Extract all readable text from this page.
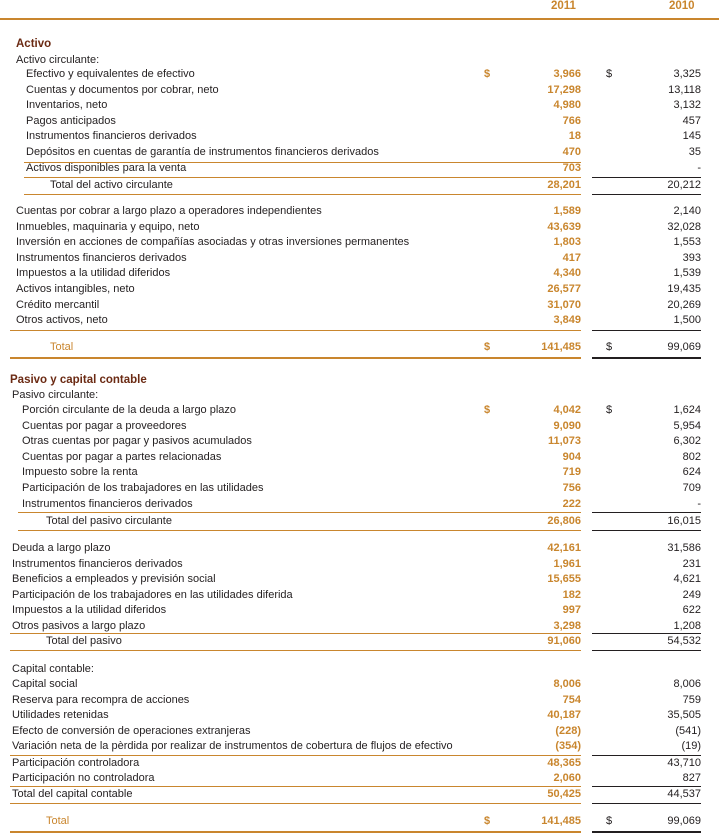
2011	2010
Activo
Activo circulante:
Efectivo y equivalentes de efectivo	$	3,966 $	3,325
Cuentas y documentos por cobrar, neto	17,298	13,118
Inventarios, neto	4,980	3,132
Pagos anticipados	766	457
Instrumentos financieros derivados	18	145
Depósitos en cuentas de garantía de instrumentos financieros derivados	470	35
Activos disponibles para la venta	703	-
Total del activo circulante	28,201	20,212
Cuentas por cobrar a largo plazo a operadores independientes	1,589	2,140
Inmuebles, maquinaria y equipo, neto	43,639	32,028
Inversión en acciones de compañías asociadas y otras inversiones permanentes	1,803	1,553
Instrumentos financieros derivados	417	393
Impuestos a la utilidad diferidos	4,340	1,539
Activos intangibles, neto	26,577	19,435
Crédito mercantil	31,070	20,269
Otros activos, neto	3,849	1,500
Total	$	141,485 $	99,069
Pasivo y capital contable
Pasivo circulante:
Porción circulante de la deuda a largo plazo	$	4,042 $	1,624
Cuentas por pagar a proveedores	9,090	5,954
Otras cuentas por pagar y pasivos acumulados	11,073	6,302
Cuentas por pagar a partes relacionadas	904	802
Impuesto sobre la renta	719	624
Participación de los trabajadores en las utilidades	756	709
Instrumentos financieros derivados	222	-
Total del pasivo circulante	26,806	16,015
Deuda a largo plazo	42,161	31,586
Instrumentos financieros derivados	1,961	231
Beneficios a empleados y previsión social	15,655	4,621
Participación de los trabajadores en las utilidades diferida	182	249
Impuestos a la utilidad diferidos	997	622
Otros pasivos a largo plazo	3,298	1,208
Total del pasivo	91,060	54,532
Capital contable:
Capital social	8,006	8,006
Reserva para recompra de acciones	754	759
Utilidades retenidas	40,187	35,505
Efecto de conversión de operaciones extranjeras	(228)	(541)
Variación neta de la pèrdida por realizar de instrumentos de cobertura de flujos de efectivo	(354)	(19)
Participación controladora	48,365	43,710
Participación no controladora	2,060	827
Total del capital contable	50,425	44,537
Total	$	141,485 $	99,069
